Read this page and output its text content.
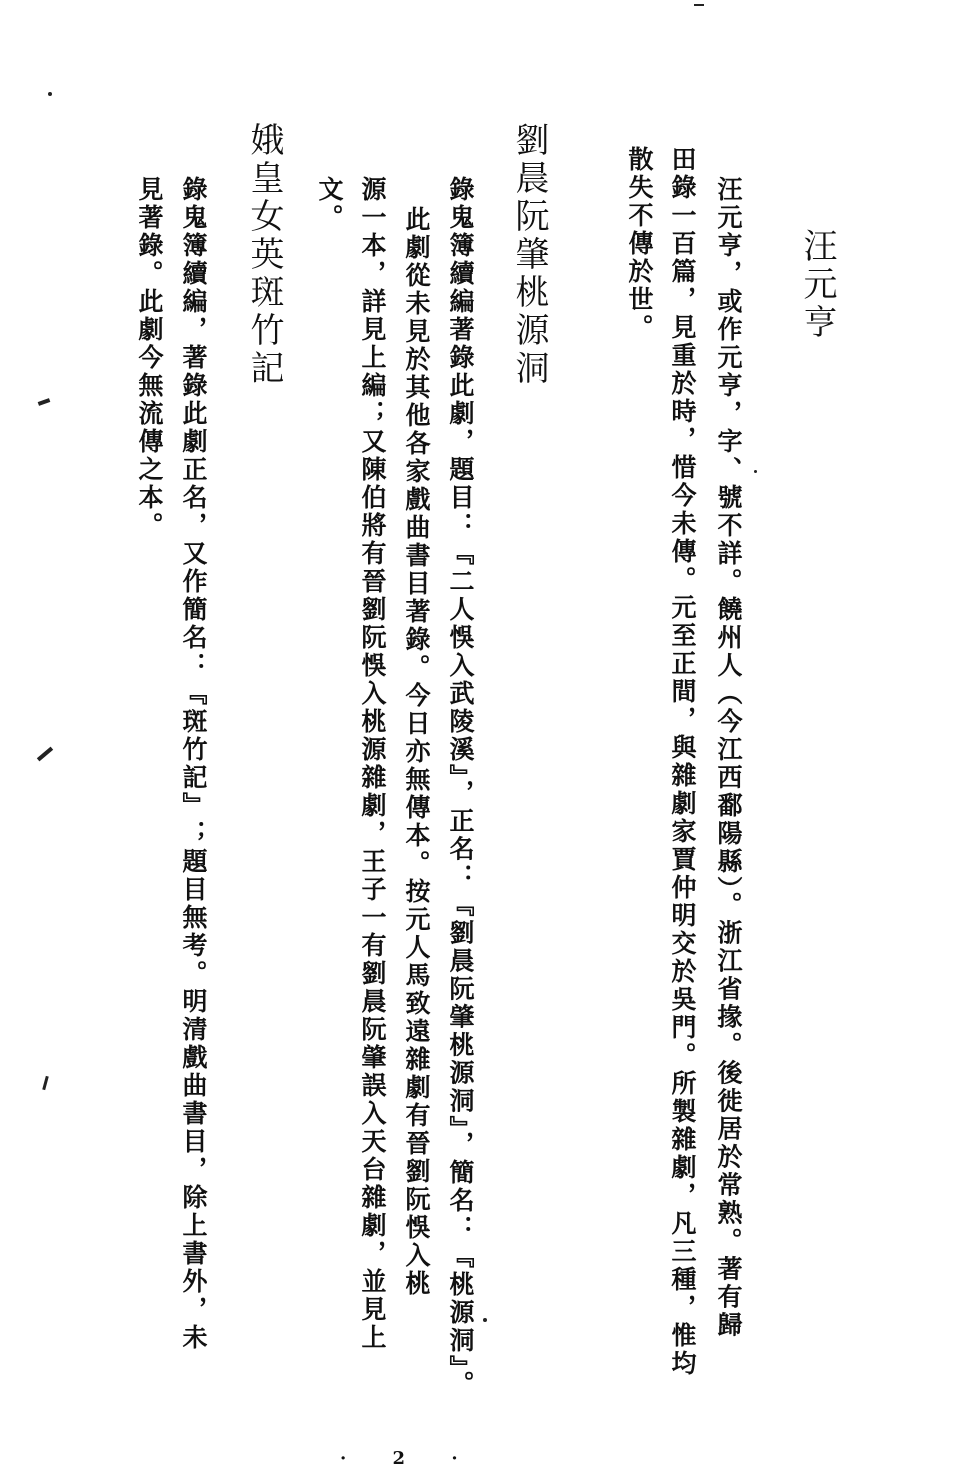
汪元亨
汪元亨，或作元亨，字、號不詳。饒州人（今江西鄱陽縣）。浙江省掾。後徙居於常熟。著有歸
田錄一百篇，見重於時，惜今未傳。元至正間，與雜劇家賈仲明交於吳門。所製雜劇，凡三種，惟均
散失不傳於世。
劉晨阮肇桃源洞
錄鬼簿續編著錄此劇，題目：『二人悞入武陵溪』，正名：『劉晨阮肇桃源洞』，簡名：『桃源洞』。
此劇從未見於其他各家戲曲書目著錄。今日亦無傳本。按元人馬致遠雜劇有晉劉阮悞入桃
源一本，詳見上編；又陳伯將有晉劉阮悞入桃源雜劇，王子一有劉晨阮肇誤入天台雜劇，並見上
文。
娥皇女英斑竹記
錄鬼簿續編，著錄此劇正名，又作簡名：『斑竹記』；題目無考。明清戲曲書目，除上書外，未
見著錄。此劇今無流傳之本。
· 2 ·
